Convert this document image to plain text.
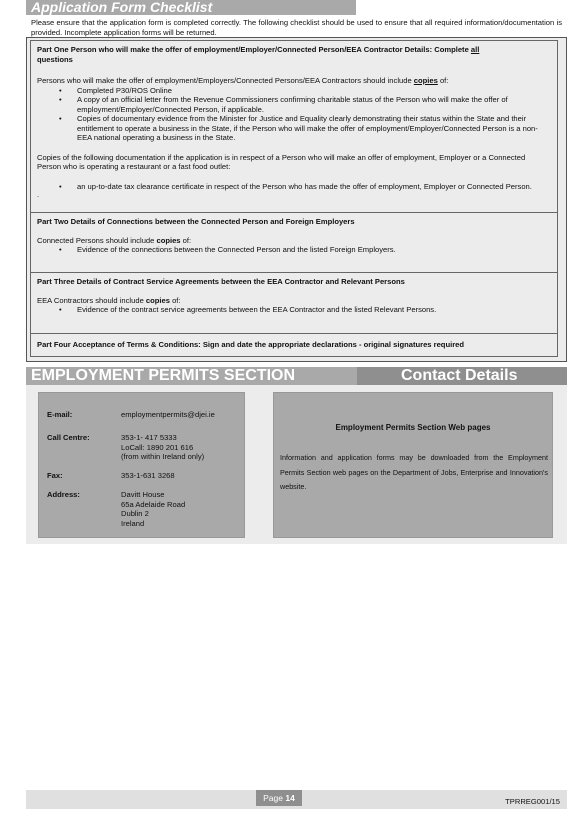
Application Form Checklist
Please ensure that the application form is completed correctly. The following checklist should be used to ensure that all required information/documentation is provided. Incomplete application forms will be returned.
Part One Person who will make the offer of employment/Employer/Connected Person/EEA Contractor Details: Complete all
questions
Persons who will make the offer of employment/Employers/Connected Persons/EEA Contractors should include copies of:
• Completed P30/ROS Online
• A copy of an official letter from the Revenue Commissioners confirming charitable status of the Person who will make the offer of employment/Employer/Connected Person, if applicable.
• Copies of documentary evidence from the Minister for Justice and Equality clearly demonstrating their status within the State and their entitlement to operate a business in the State, if the Person who will make the offer of employment/Employer/Connected Person is a non-EEA national operating a business in the State.
Copies of the following documentation if the application is in respect of a Person who will make an offer of employment, Employer or a Connected Person who is operating a restaurant or a fast food outlet:
• an up-to-date tax clearance certificate in respect of the Person who has made the offer of employment, Employer or Connected Person.
.
Part Two Details of Connections between the Connected Person and Foreign Employers
Connected Persons should include copies of:
• Evidence of the connections between the Connected Person and the listed Foreign Employers.
Part Three Details of Contract Service Agreements between the EEA Contractor and Relevant Persons
EEA Contractors should include copies of:
• Evidence of the contract service agreements between the EEA Contractor and the listed Relevant Persons.
Part Four Acceptance of Terms & Conditions: Sign and date the appropriate declarations - original signatures required
EMPLOYMENT PERMITS SECTION	Contact Details
E-mail:	employmentpermits@djei.ie
Call Centre:	353-1- 417 5333
LoCall: 1890 201 616
(from within Ireland only)
Fax:	353-1-631 3268
Address:	Davitt House
65a Adelaide Road
Dublin 2
Ireland
Employment Permits Section Web pages
Information and application forms may be downloaded from the Employment Permits Section web pages on the Department of Jobs, Enterprise and Innovation's website.
Page 14	TPRREG001/15
